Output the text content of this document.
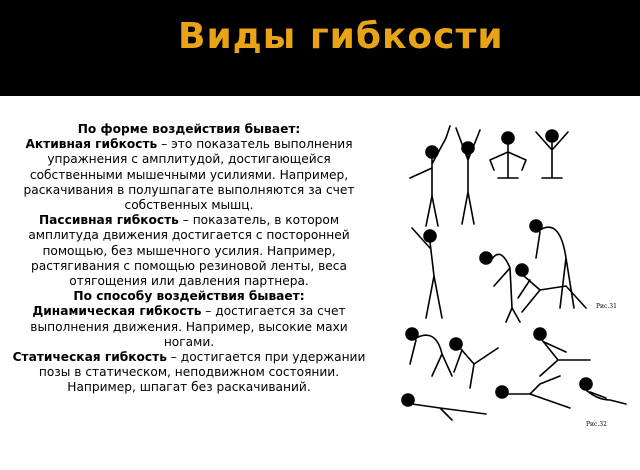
Виды гибкости

По форме воздействия бывает:

Активная гибкость – это показатель выполнения упражнения с амплитудой, достигающейся собственными мышечными усилиями. Например, раскачивания в полушпагате выполняются за счет собственных мышц.

Пассивная гибкость – показатель, в котором амплитуда движения достигается с посторонней помощью, без мышечного усилия. Например, растягивания с помощью резиновой ленты, веса отягощения или давления партнера.

По способу воздействия бывает:

Динамическая гибкость – достигается за счет выполнения движения. Например, высокие махи ногами.

Статическая гибкость – достигается при удержании позы в статическом, неподвижном состоянии. Например, шпагат без раскачиваний.

Рис.31
Рис.32
